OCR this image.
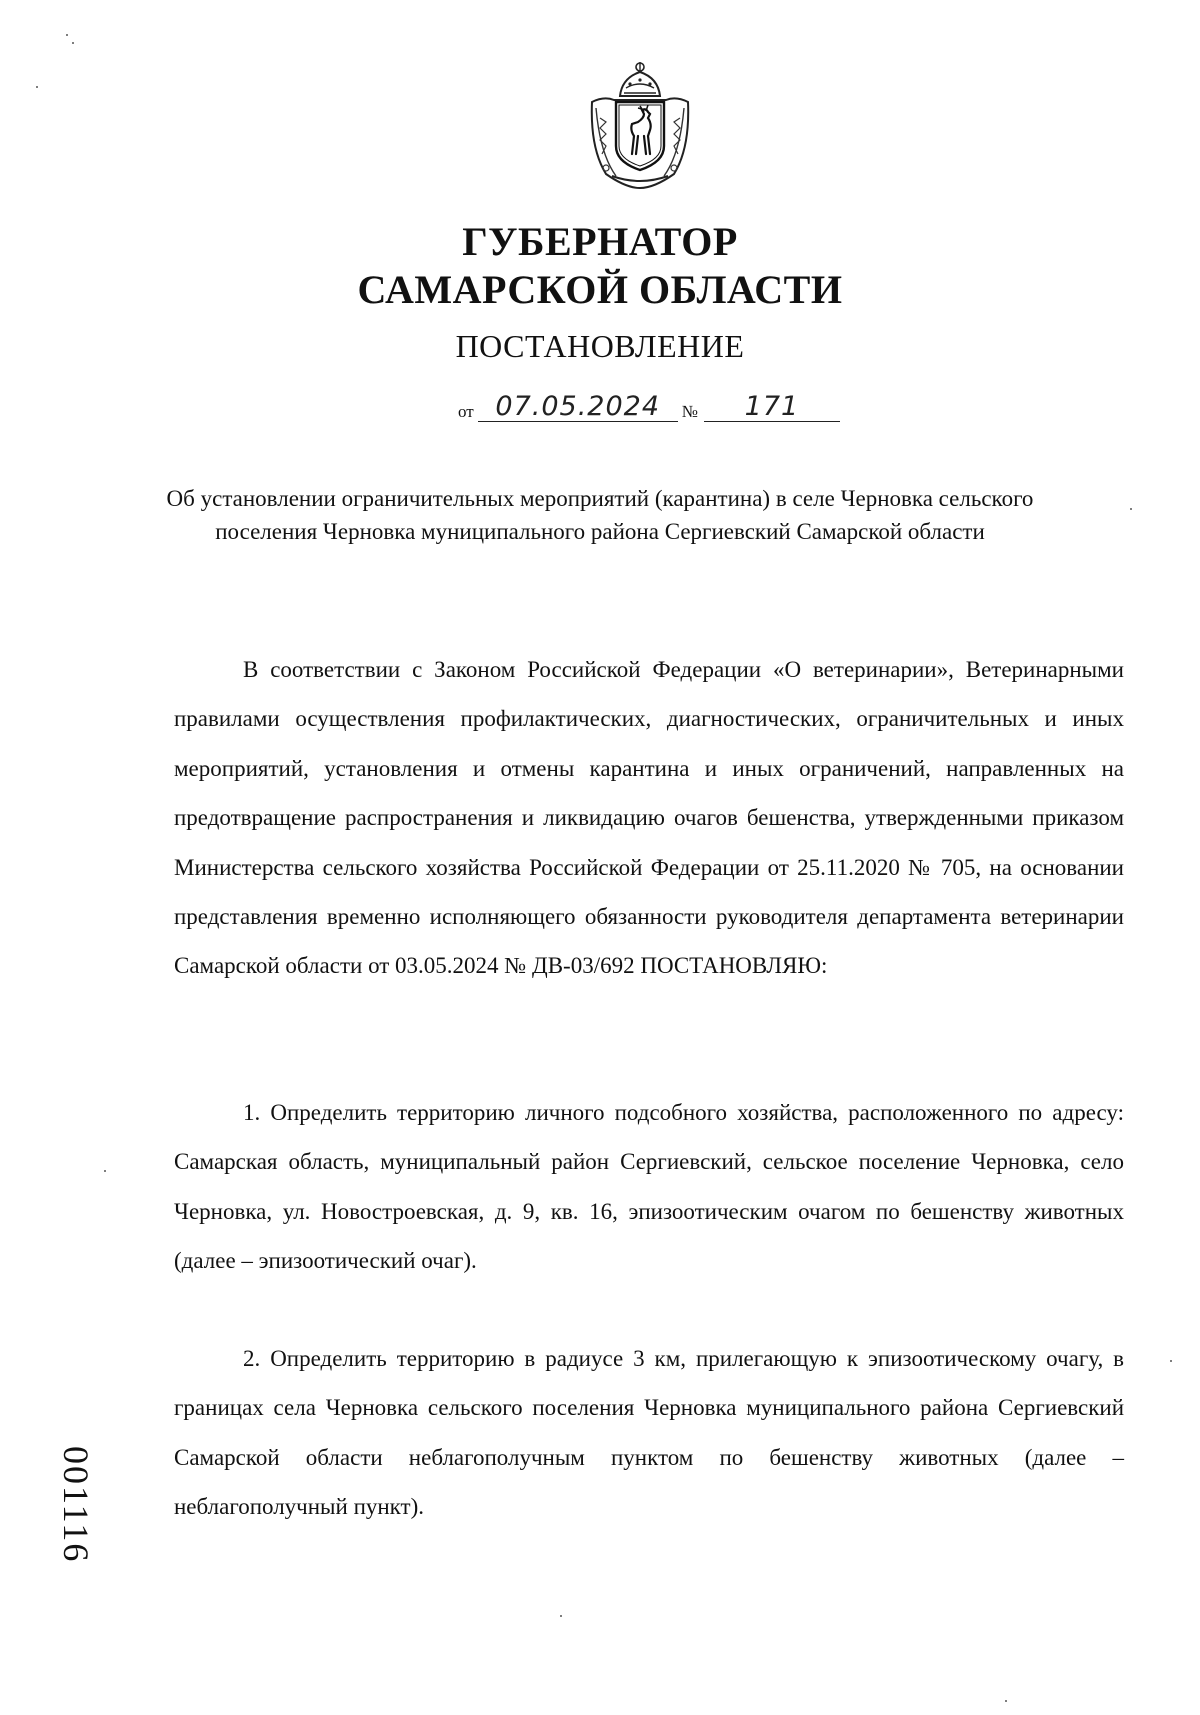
ГУБЕРНАТОР
САМАРСКОЙ ОБЛАСТИ
ПОСТАНОВЛЕНИЕ
от 07.05.2024	№	171
Об установлении ограничительных мероприятий (карантина) в селе Черновка сельского поселения Черновка муниципального района Сергиевский Самарской области
В соответствии с Законом Российской Федерации «О ветеринарии», Ветеринарными правилами осуществления профилактических, диагностических, ограничительных и иных мероприятий, установления и отмены карантина и иных ограничений, направленных на предотвращение распространения и ликвидацию очагов бешенства, утвержденными приказом Министерства сельского хозяйства Российской Федерации от 25.11.2020 № 705, на основании представления временно исполняющего обязанности руководителя департамента ветеринарии Самарской области от 03.05.2024 № ДВ-03/692 ПОСТАНОВЛЯЮ:
1. Определить территорию личного подсобного хозяйства, расположенного по адресу: Самарская область, муниципальный район Сергиевский, сельское поселение Черновка, село Черновка, ул. Новостроевская, д. 9, кв. 16, эпизоотическим очагом по бешенству животных (далее – эпизоотический очаг).
2. Определить территорию в радиусе 3 км, прилегающую к эпизоотическому очагу, в границах села Черновка сельского поселения Черновка муниципального района Сергиевский Самарской области неблагополучным пунктом по бешенству животных (далее – неблагополучный пункт).
001116
